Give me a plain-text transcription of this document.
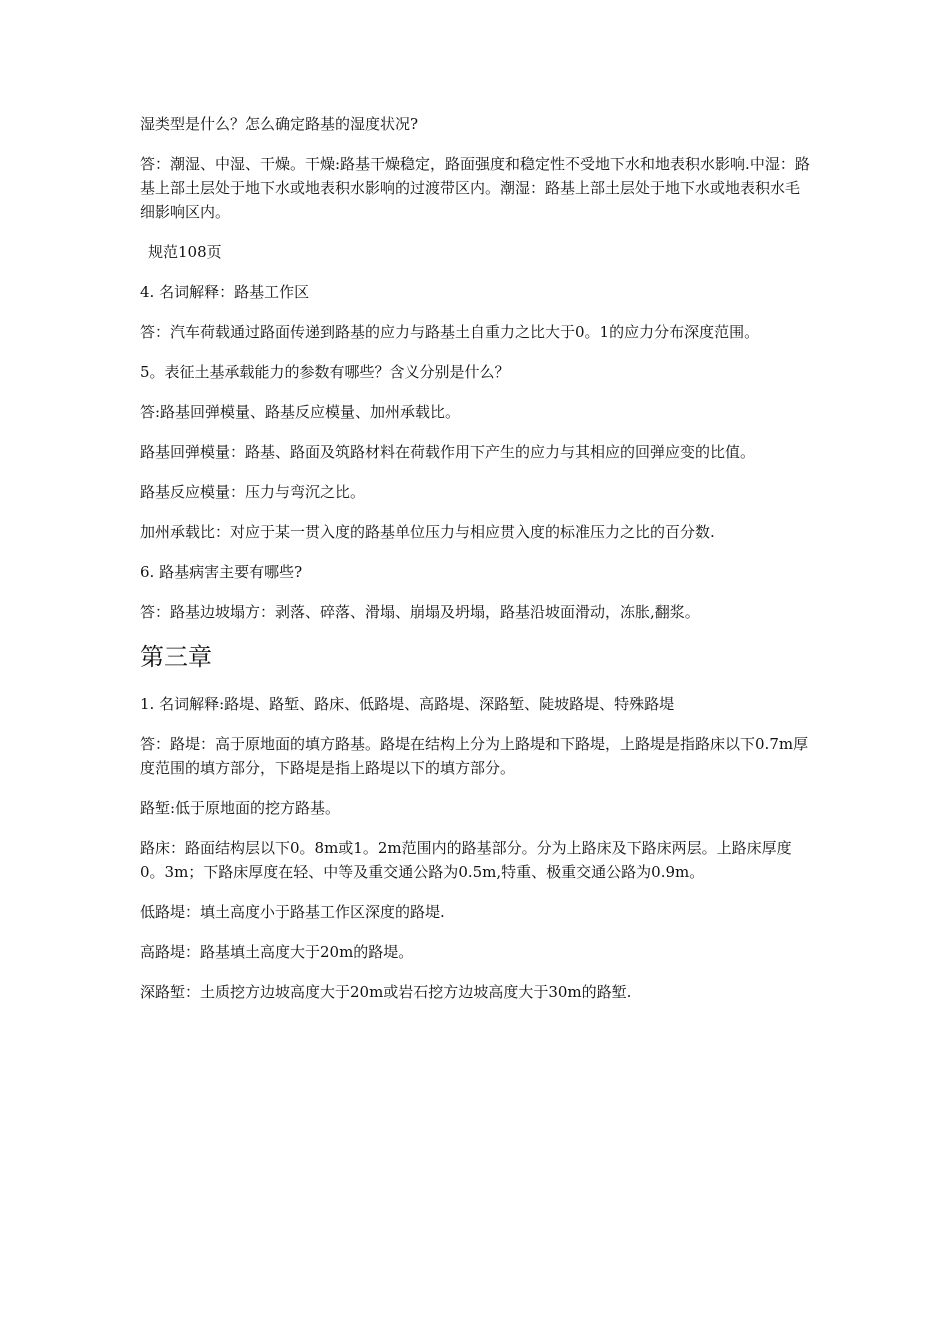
湿类型是什么？怎么确定路基的湿度状况?

答：潮湿、中湿、干燥。干燥:路基干燥稳定，路面强度和稳定性不受地下水和地表积水影响.中湿：路基上部土层处于地下水或地表积水影响的过渡带区内。潮湿：路基上部土层处于地下水或地表积水毛细影响区内。

规范108页

4. 名词解释：路基工作区

答：汽车荷载通过路面传递到路基的应力与路基土自重力之比大于0。1的应力分布深度范围。

5。表征土基承载能力的参数有哪些？含义分别是什么？

答:路基回弹模量、路基反应模量、加州承载比。

路基回弹模量：路基、路面及筑路材料在荷载作用下产生的应力与其相应的回弹应变的比值。

路基反应模量：压力与弯沉之比。

加州承载比：对应于某一贯入度的路基单位压力与相应贯入度的标准压力之比的百分数.

6. 路基病害主要有哪些?

答：路基边坡塌方：剥落、碎落、滑塌、崩塌及坍塌，路基沿坡面滑动，冻胀,翻浆。

第三章

1. 名词解释:路堤、路堑、路床、低路堤、高路堤、深路堑、陡坡路堤、特殊路堤

答：路堤：高于原地面的填方路基。路堤在结构上分为上路堤和下路堤，上路堤是指路床以下0.7m厚度范围的填方部分，下路堤是指上路堤以下的填方部分。

路堑:低于原地面的挖方路基。

路床：路面结构层以下0。8m或1。2m范围内的路基部分。分为上路床及下路床两层。上路床厚度0。3m；下路床厚度在轻、中等及重交通公路为0.5m,特重、极重交通公路为0.9m。

低路堤：填土高度小于路基工作区深度的路堤.

高路堤：路基填土高度大于20m的路堤。

深路堑：土质挖方边坡高度大于20m或岩石挖方边坡高度大于30m的路堑.
